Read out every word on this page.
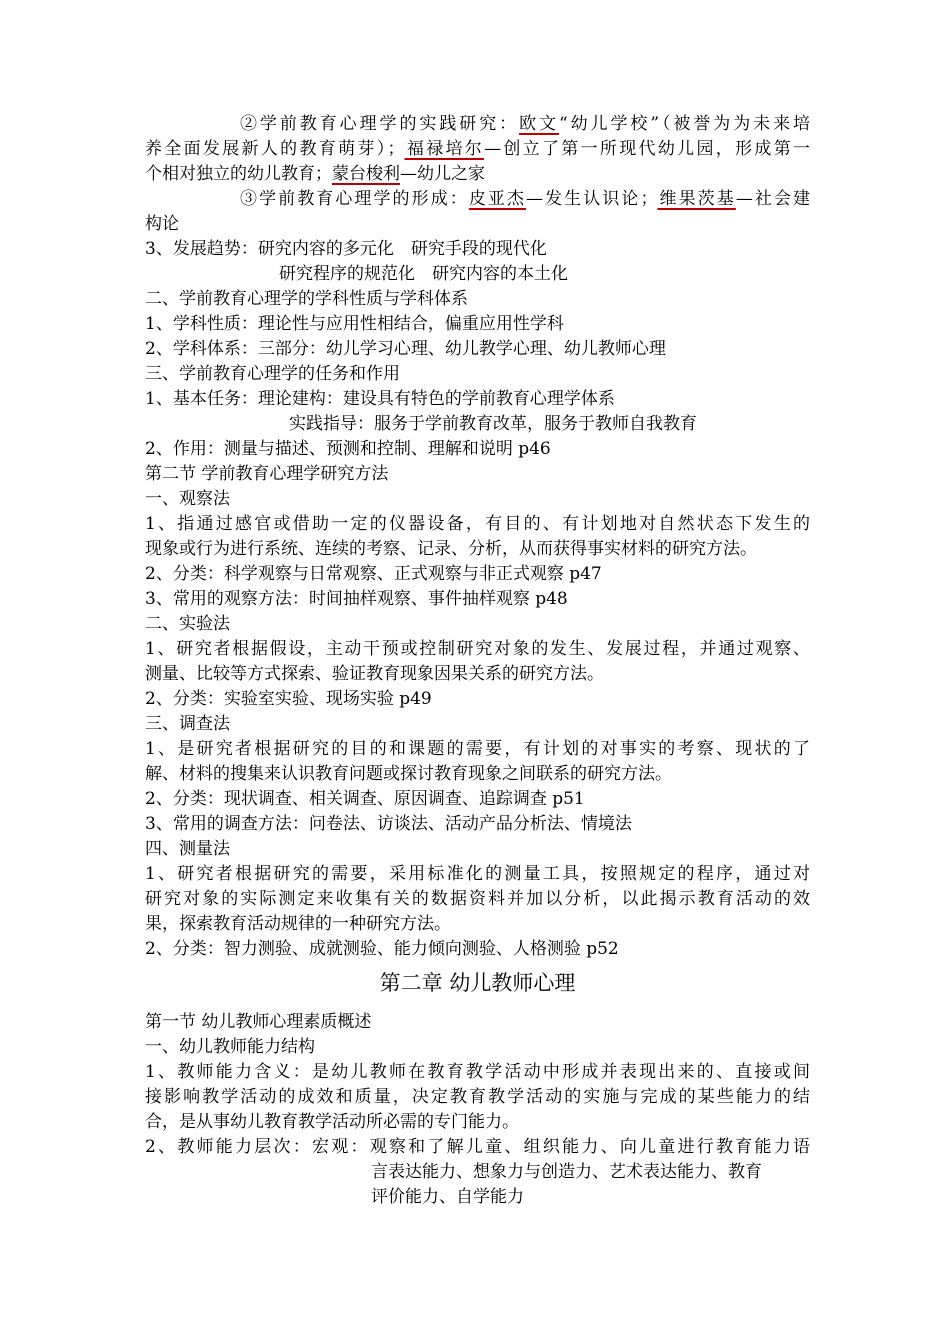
②学前教育心理学的实践研究：欧文“幼儿学校”（被誉为为未来培
养全面发展新人的教育萌芽）；福禄培尔—创立了第一所现代幼儿园，形成第一
个相对独立的幼儿教育；蒙台梭利—幼儿之家
③学前教育心理学的形成：皮亚杰—发生认识论；维果茨基—社会建
构论
3、发展趋势：研究内容的多元化　研究手段的现代化
研究程序的规范化　研究内容的本土化
二、学前教育心理学的学科性质与学科体系
1、学科性质：理论性与应用性相结合，偏重应用性学科
2、学科体系：三部分：幼儿学习心理、幼儿教学心理、幼儿教师心理
三、学前教育心理学的任务和作用
1、基本任务：理论建构：建设具有特色的学前教育心理学体系
实践指导：服务于学前教育改革，服务于教师自我教育
2、作用：测量与描述、预测和控制、理解和说明 p46
第二节 学前教育心理学研究方法
一、观察法
1、指通过感官或借助一定的仪器设备，有目的、有计划地对自然状态下发生的
现象或行为进行系统、连续的考察、记录、分析，从而获得事实材料的研究方法。
2、分类：科学观察与日常观察、正式观察与非正式观察 p47
3、常用的观察方法：时间抽样观察、事件抽样观察 p48
二、实验法
1、研究者根据假设，主动干预或控制研究对象的发生、发展过程，并通过观察、
测量、比较等方式探索、验证教育现象因果关系的研究方法。
2、分类：实验室实验、现场实验 p49
三、调查法
1、是研究者根据研究的目的和课题的需要，有计划的对事实的考察、现状的了
解、材料的搜集来认识教育问题或探讨教育现象之间联系的研究方法。
2、分类：现状调查、相关调查、原因调查、追踪调查 p51
3、常用的调查方法：问卷法、访谈法、活动产品分析法、情境法
四、测量法
1、研究者根据研究的需要，采用标准化的测量工具，按照规定的程序，通过对
研究对象的实际测定来收集有关的数据资料并加以分析，以此揭示教育活动的效
果，探索教育活动规律的一种研究方法。
2、分类：智力测验、成就测验、能力倾向测验、人格测验 p52
第二章 幼儿教师心理
第一节 幼儿教师心理素质概述
一、幼儿教师能力结构
1、教师能力含义：是幼儿教师在教育教学活动中形成并表现出来的、直接或间
接影响教学活动的成效和质量，决定教育教学活动的实施与完成的某些能力的结
合，是从事幼儿教育教学活动所必需的专门能力。
2、教师能力层次：宏观：观察和了解儿童、组织能力、向儿童进行教育能力语
言表达能力、想象力与创造力、艺术表达能力、教育
评价能力、自学能力
